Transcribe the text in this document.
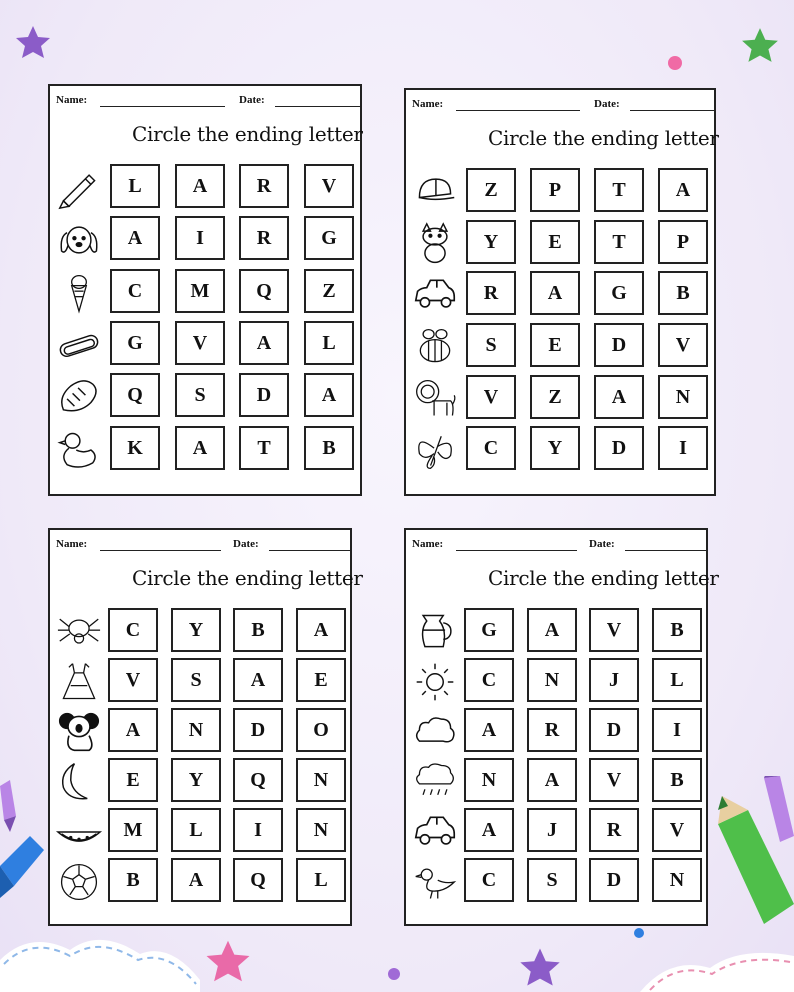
Name:	Date:
Circle the ending letter
L	A	R	V
A	I	R	G
C	M	Q	Z
G	V	A	L
Q	S	D	A
K	A	T	B
Name:	Date:
Circle the ending letter
Z	P	T	A
Y	E	T	P
R	A	G	B
S	E	D	V
V	Z	A	N
C	Y	D	I
Name:	Date:
Circle the ending letter
C	Y	B	A
V	S	A	E
A	N	D	O
E	Y	Q	N
M	L	I	N
B	A	Q	L
Name:	Date:
Circle the ending letter
G	A	V	B
C	N	J	L
A	R	D	I
N	A	V	B
A	J	R	V
C	S	D	N
